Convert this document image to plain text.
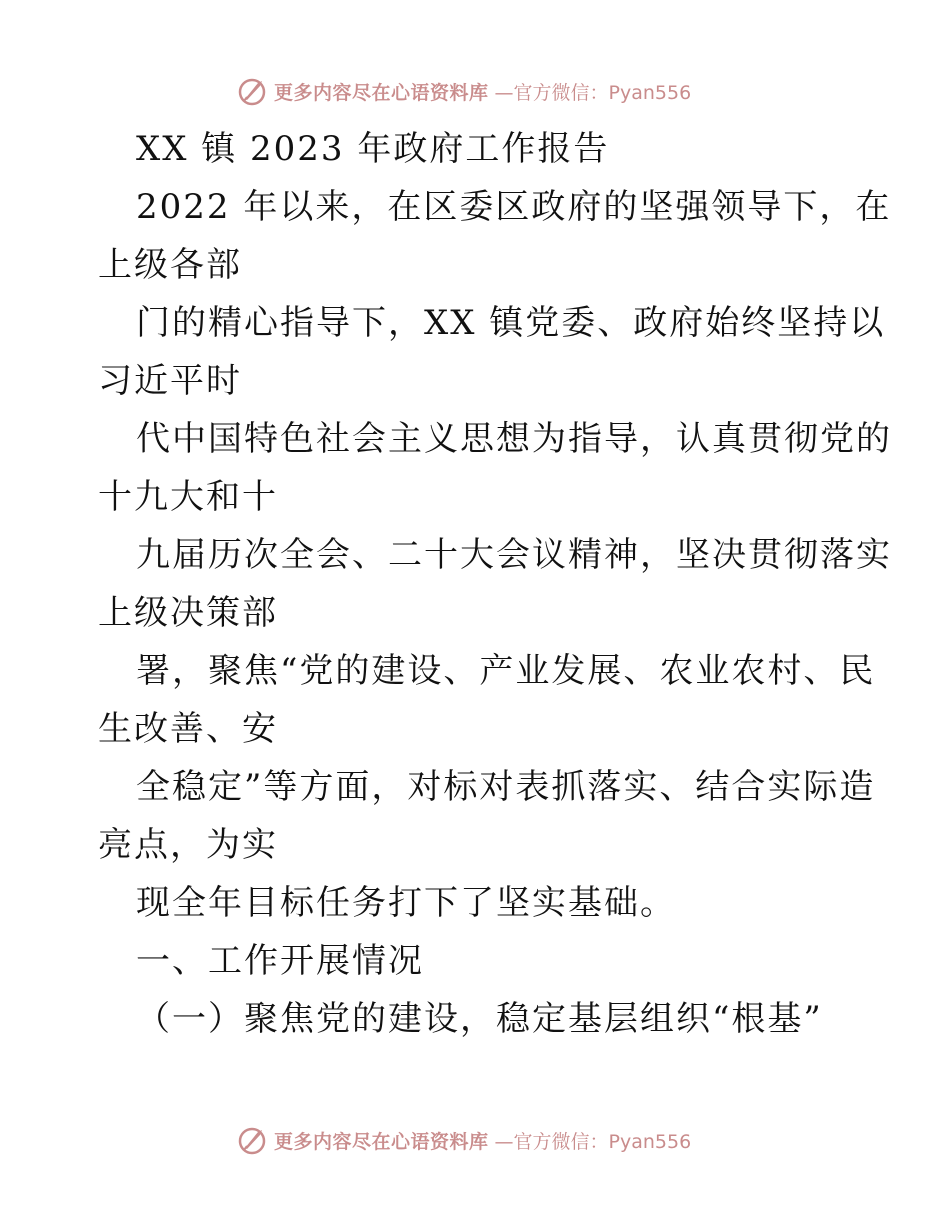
更多内容尽在心语资料库 —官方微信：Pyan556
XX 镇 2023 年政府工作报告
2022 年以来，在区委区政府的坚强领导下，在
上级各部
门的精心指导下，XX 镇党委、政府始终坚持以
习近平时
代中国特色社会主义思想为指导，认真贯彻党的
十九大和十
九届历次全会、二十大会议精神，坚决贯彻落实
上级决策部
署，聚焦“党的建设、产业发展、农业农村、民
生改善、安
全稳定”等方面，对标对表抓落实、结合实际造
亮点，为实
现全年目标任务打下了坚实基础。
一、工作开展情况
（一）聚焦党的建设，稳定基层组织“根基”
更多内容尽在心语资料库 —官方微信：Pyan556
